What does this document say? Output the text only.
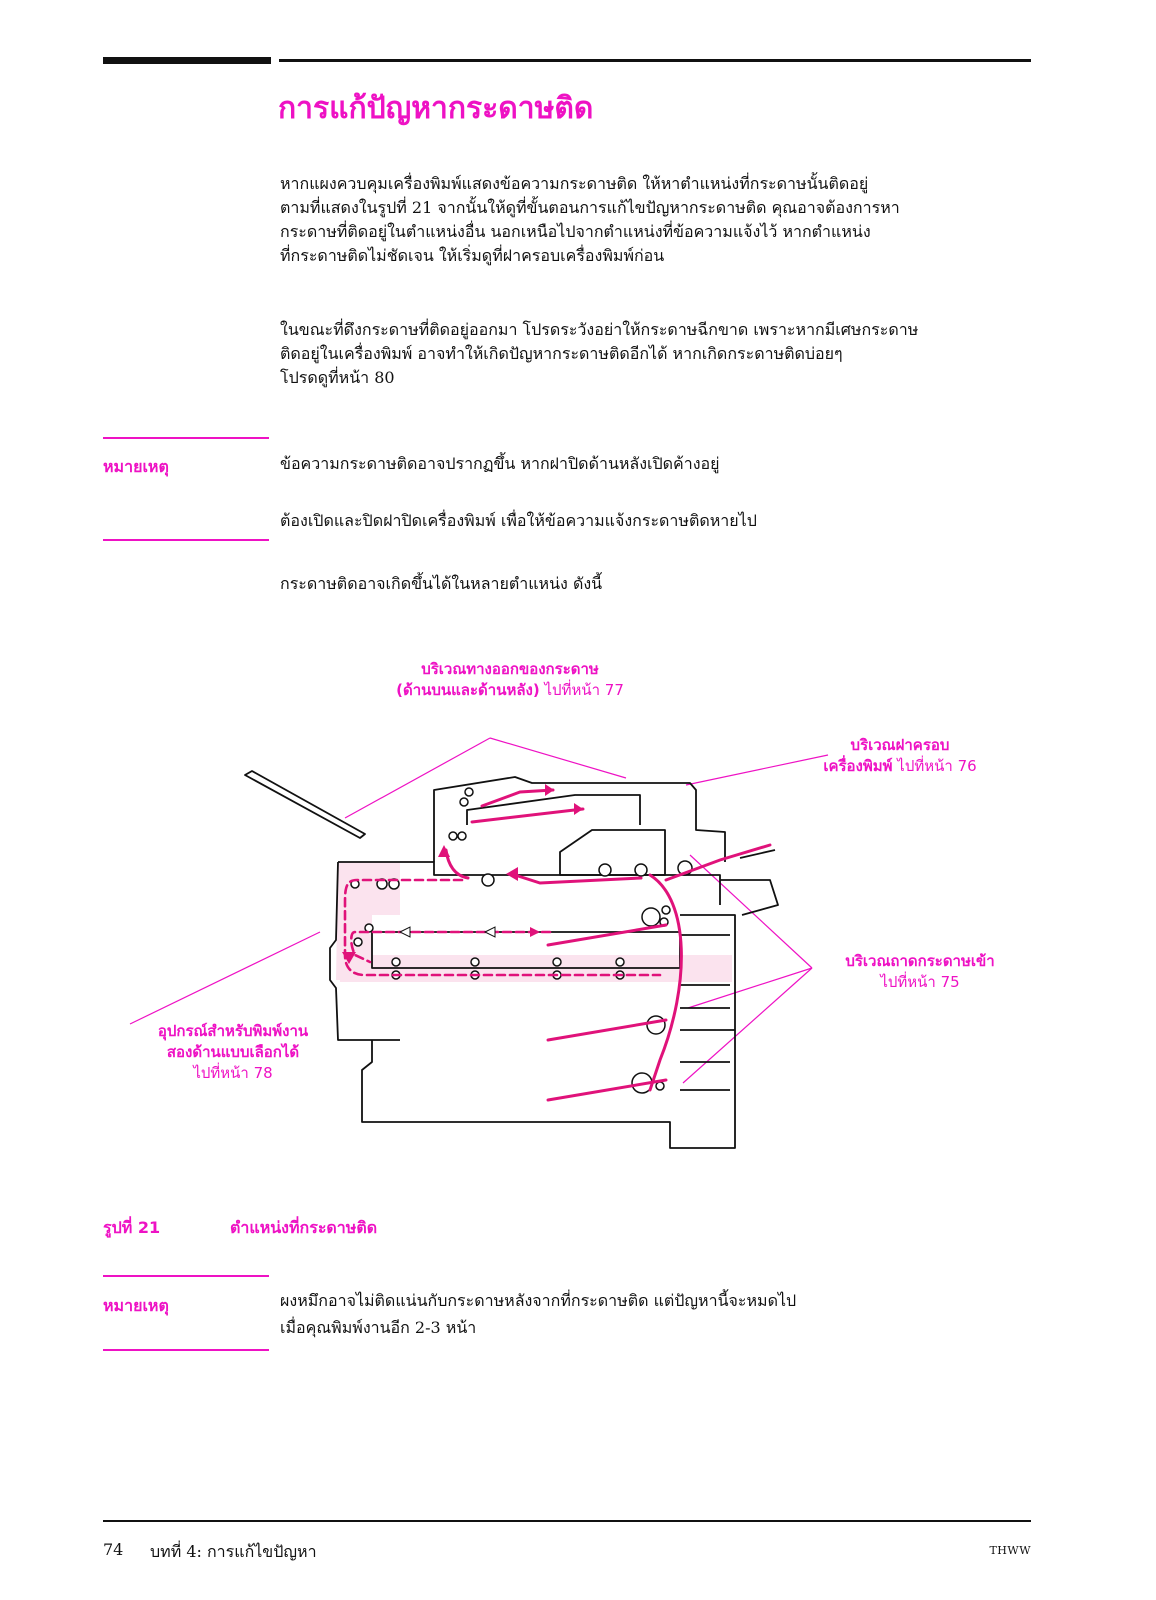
การแก้ปัญหากระดาษติด
หากแผงควบคุมเครื่องพิมพ์แสดงข้อความกระดาษติด ให้หาตำแหน่งที่กระดาษนั้นติดอยู่
ตามที่แสดงในรูปที่ 21 จากนั้นให้ดูที่ขั้นตอนการแก้ไขปัญหากระดาษติด คุณอาจต้องการหา
กระดาษที่ติดอยู่ในตำแหน่งอื่น นอกเหนือไปจากตำแหน่งที่ข้อความแจ้งไว้ หากตำแหน่ง
ที่กระดาษติดไม่ชัดเจน ให้เริ่มดูที่ฝาครอบเครื่องพิมพ์ก่อน
ในขณะที่ดึงกระดาษที่ติดอยู่ออกมา โปรดระวังอย่าให้กระดาษฉีกขาด เพราะหากมีเศษกระดาษ
ติดอยู่ในเครื่องพิมพ์ อาจทำให้เกิดปัญหากระดาษติดอีกได้ หากเกิดกระดาษติดบ่อยๆ
โปรดดูที่หน้า 80
หมายเหตุ	ข้อความกระดาษติดอาจปรากฏขึ้น หากฝาปิดด้านหลังเปิดค้างอยู่
ต้องเปิดและปิดฝาปิดเครื่องพิมพ์ เพื่อให้ข้อความแจ้งกระดาษติดหายไป
กระดาษติดอาจเกิดขึ้นได้ในหลายตำแหน่ง ดังนี้
บริเวณทางออกของกระดาษ
(ด้านบนและด้านหลัง) ไปที่หน้า 77
บริเวณฝาครอบ
เครื่องพิมพ์ ไปที่หน้า 76
บริเวณถาดกระดาษเข้า
ไปที่หน้า 75
อุปกรณ์สำหรับพิมพ์งาน
สองด้านแบบเลือกได้
ไปที่หน้า 78
รูปที่ 21	ตำแหน่งที่กระดาษติด
หมายเหตุ	ผงหมึกอาจไม่ติดแน่นกับกระดาษหลังจากที่กระดาษติด แต่ปัญหานี้จะหมดไป
เมื่อคุณพิมพ์งานอีก 2-3 หน้า
74 บทที่ 4: การแก้ไขปัญหา	THWW
